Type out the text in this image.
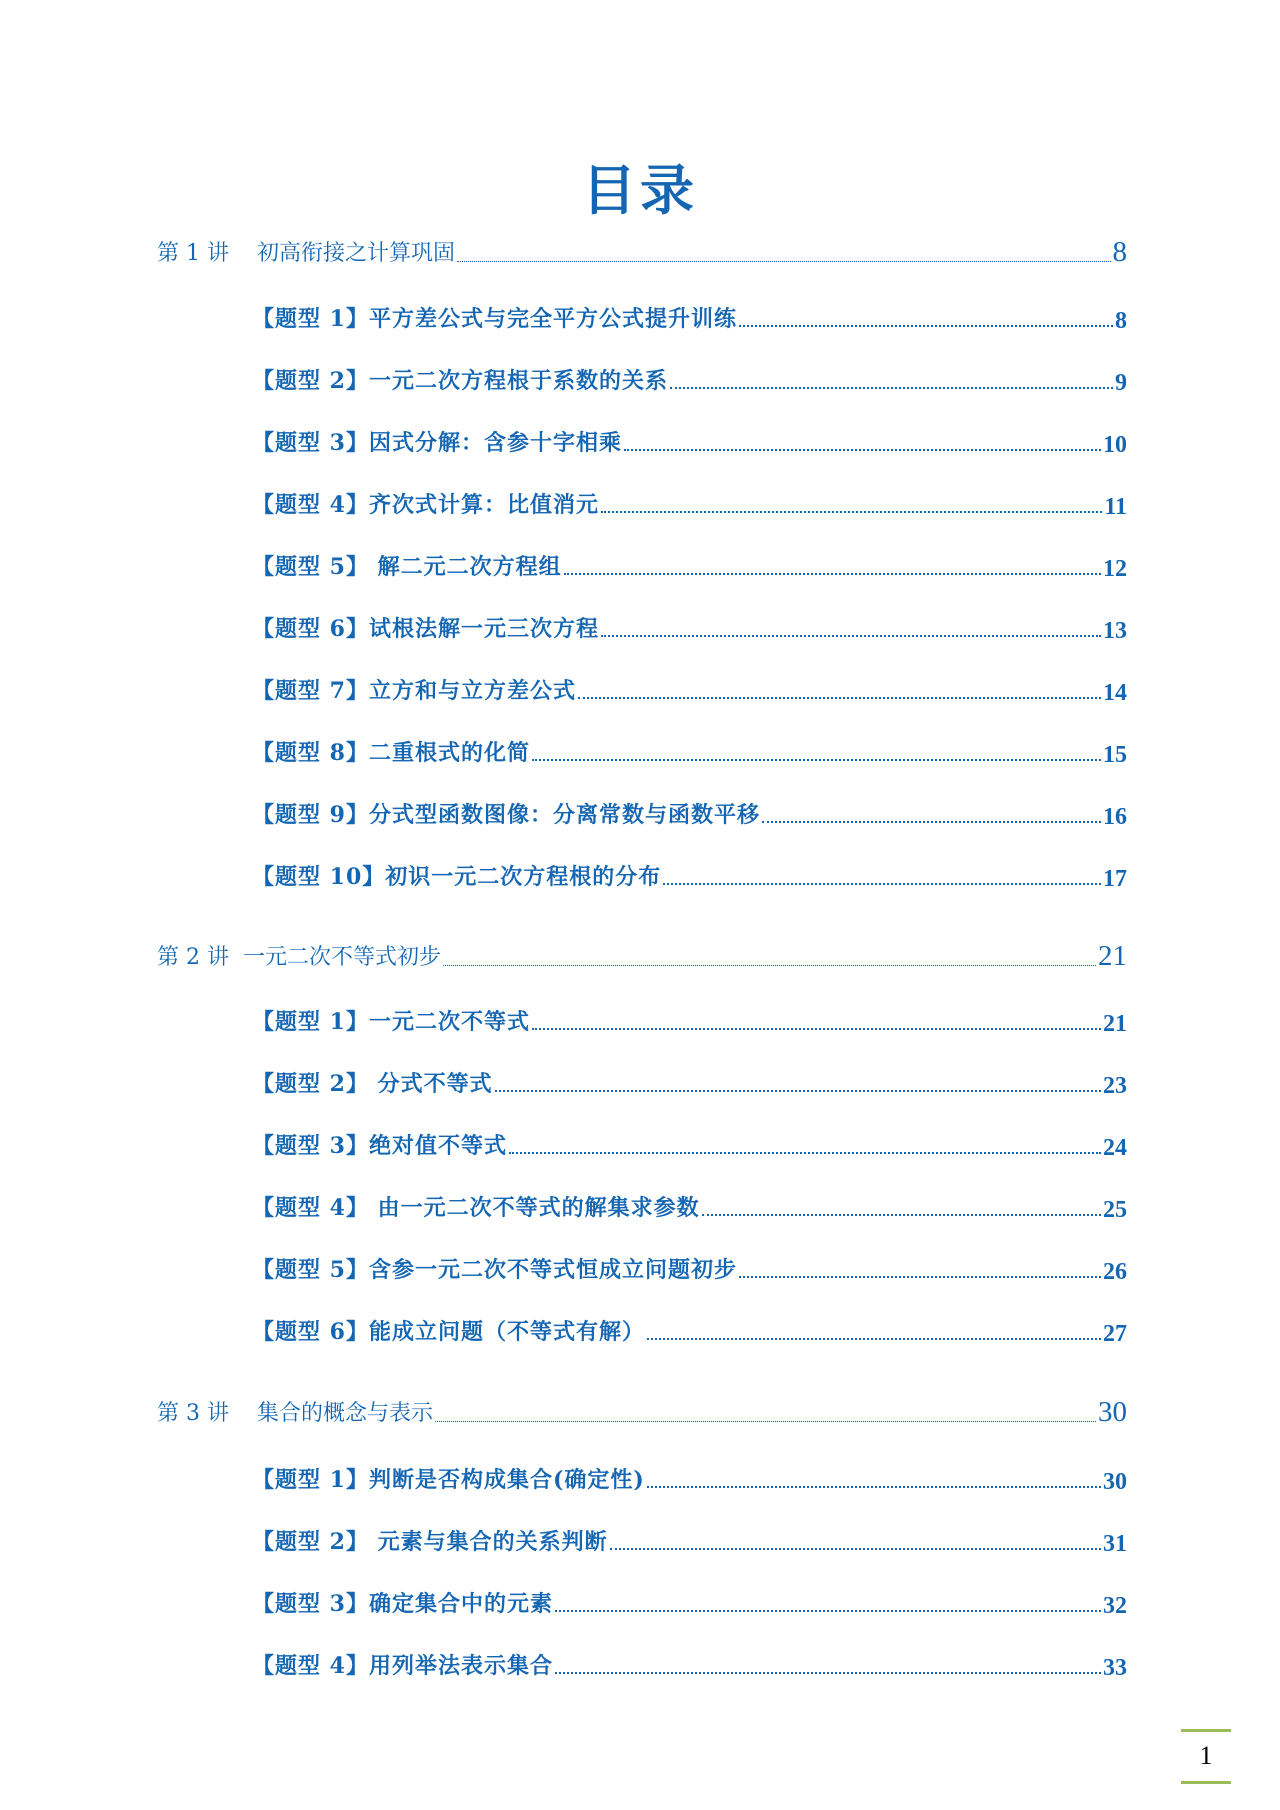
目录
第 1 讲 初高衔接之计算巩固	8
【题型 1】平方差公式与完全平方公式提升训练	8
【题型 2】一元二次方程根于系数的关系	9
【题型 3】因式分解：含参十字相乘	10
【题型 4】齐次式计算：比值消元	11
【题型 5】 解二元二次方程组	12
【题型 6】试根法解一元三次方程	13
【题型 7】立方和与立方差公式	14
【题型 8】二重根式的化简	15
【题型 9】分式型函数图像：分离常数与函数平移	16
【题型 10】初识一元二次方程根的分布	17
第 2 讲 一元二次不等式初步	21
【题型 1】一元二次不等式	21
【题型 2】 分式不等式	23
【题型 3】绝对值不等式	24
【题型 4】 由一元二次不等式的解集求参数	25
【题型 5】含参一元二次不等式恒成立问题初步	26
【题型 6】能成立问题（不等式有解）	27
第 3 讲 集合的概念与表示	30
【题型 1】判断是否构成集合(确定性)	30
【题型 2】 元素与集合的关系判断	31
【题型 3】确定集合中的元素	32
【题型 4】用列举法表示集合	33
1
